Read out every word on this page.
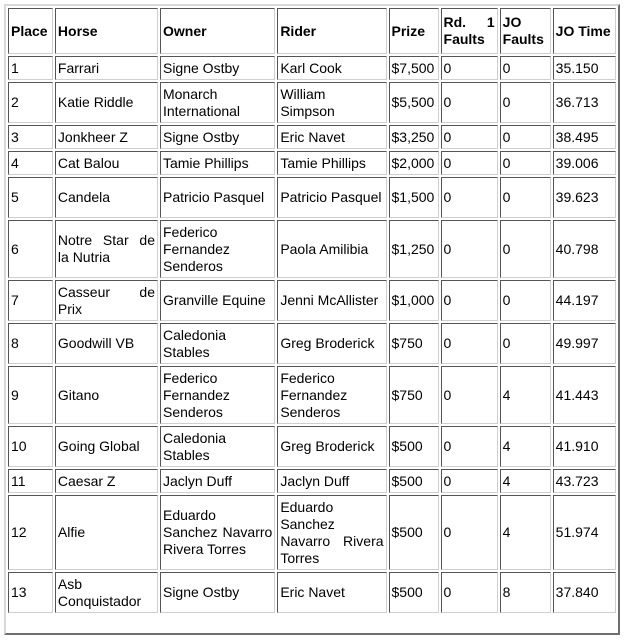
Place	Horse	Owner	Rider	Prize	Rd. 1 Faults	JO Faults	JO Time
1	Farrari	Signe Ostby	Karl Cook	$7,500	0	0	35.150
2	Katie Riddle	Monarch International	William Simpson	$5,500	0	0	36.713
3	Jonkheer Z	Signe Ostby	Eric Navet	$3,250	0	0	38.495
4	Cat Balou	Tamie Phillips	Tamie Phillips	$2,000	0	0	39.006
5	Candela	Patricio Pasquel	Patricio Pasquel	$1,500	0	0	39.623
6	Notre Star de la Nutria	Federico Fernandez Senderos	Paola Amilibia	$1,250	0	0	40.798
7	Casseur de Prix	Granville Equine	Jenni McAllister	$1,000	0	0	44.197
8	Goodwill VB	Caledonia Stables	Greg Broderick	$750	0	0	49.997
9	Gitano	Federico Fernandez Senderos	Federico Fernandez Senderos	$750	0	4	41.443
10	Going Global	Caledonia Stables	Greg Broderick	$500	0	4	41.910
11	Caesar Z	Jaclyn Duff	Jaclyn Duff	$500	0	4	43.723
12	Alfie	Eduardo Sanchez Navarro Rivera Torres	Eduardo Sanchez Navarro Rivera Torres	$500	0	4	51.974
13	Asb Conquistador	Signe Ostby	Eric Navet	$500	0	8	37.840
